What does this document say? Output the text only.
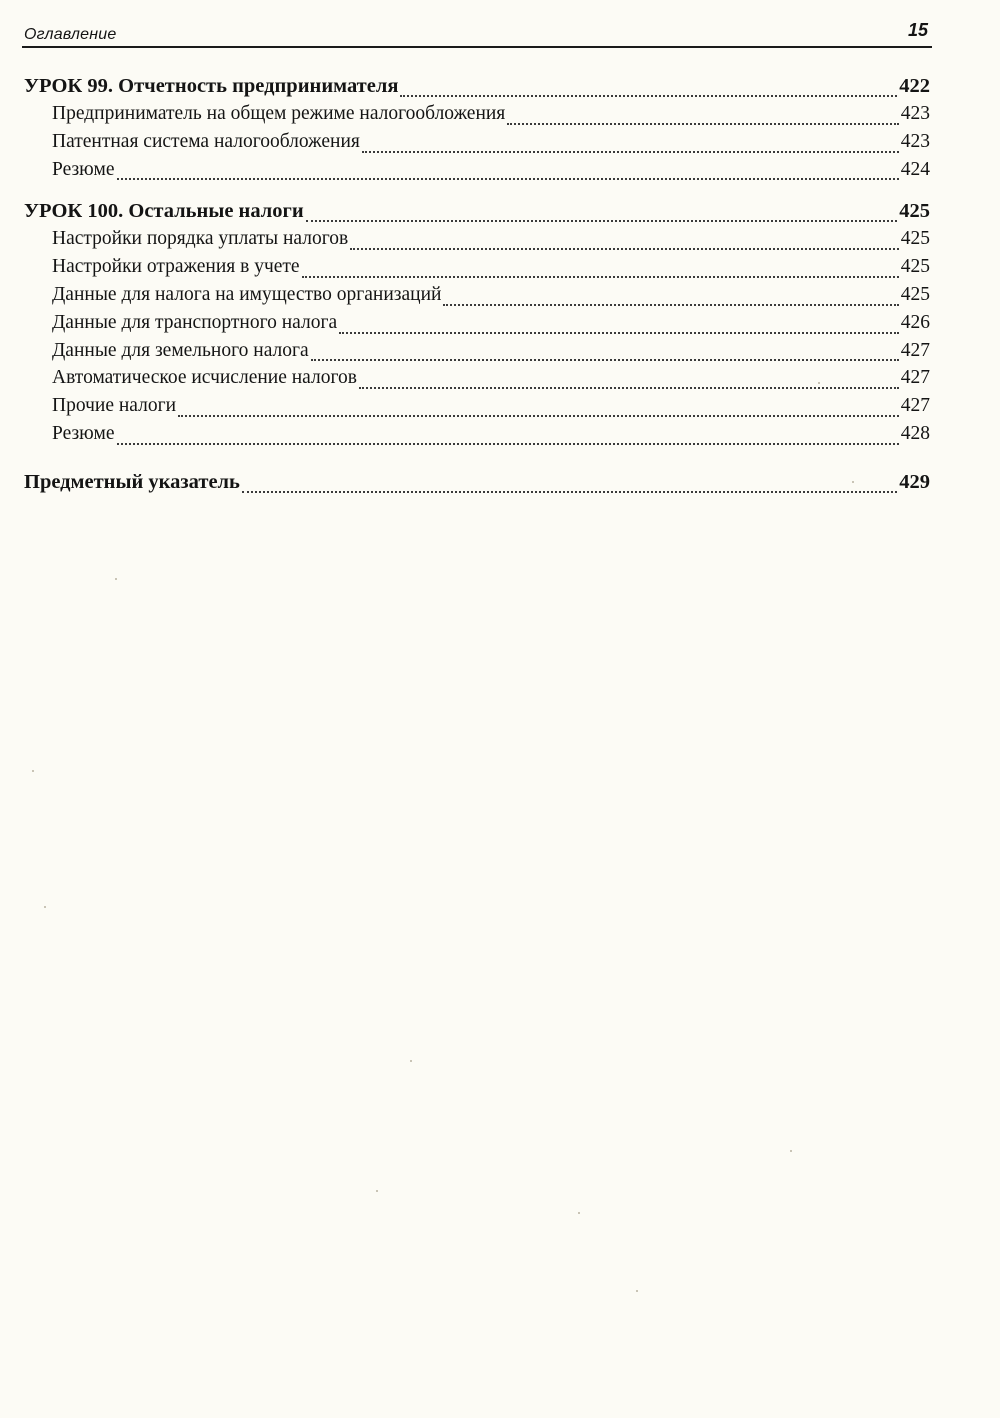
Оглавление	15
УРОК 99. Отчетность предпринимателя	422
Предприниматель на общем режиме налогообложения	423
Патентная система налогообложения	423
Резюме	424
УРОК 100. Остальные налоги	425
Настройки порядка уплаты налогов	425
Настройки отражения в учете	425
Данные для налога на имущество организаций	425
Данные для транспортного налога	426
Данные для земельного налога	427
Автоматическое исчисление налогов	427
Прочие налоги	427
Резюме	428
Предметный указатель	429
